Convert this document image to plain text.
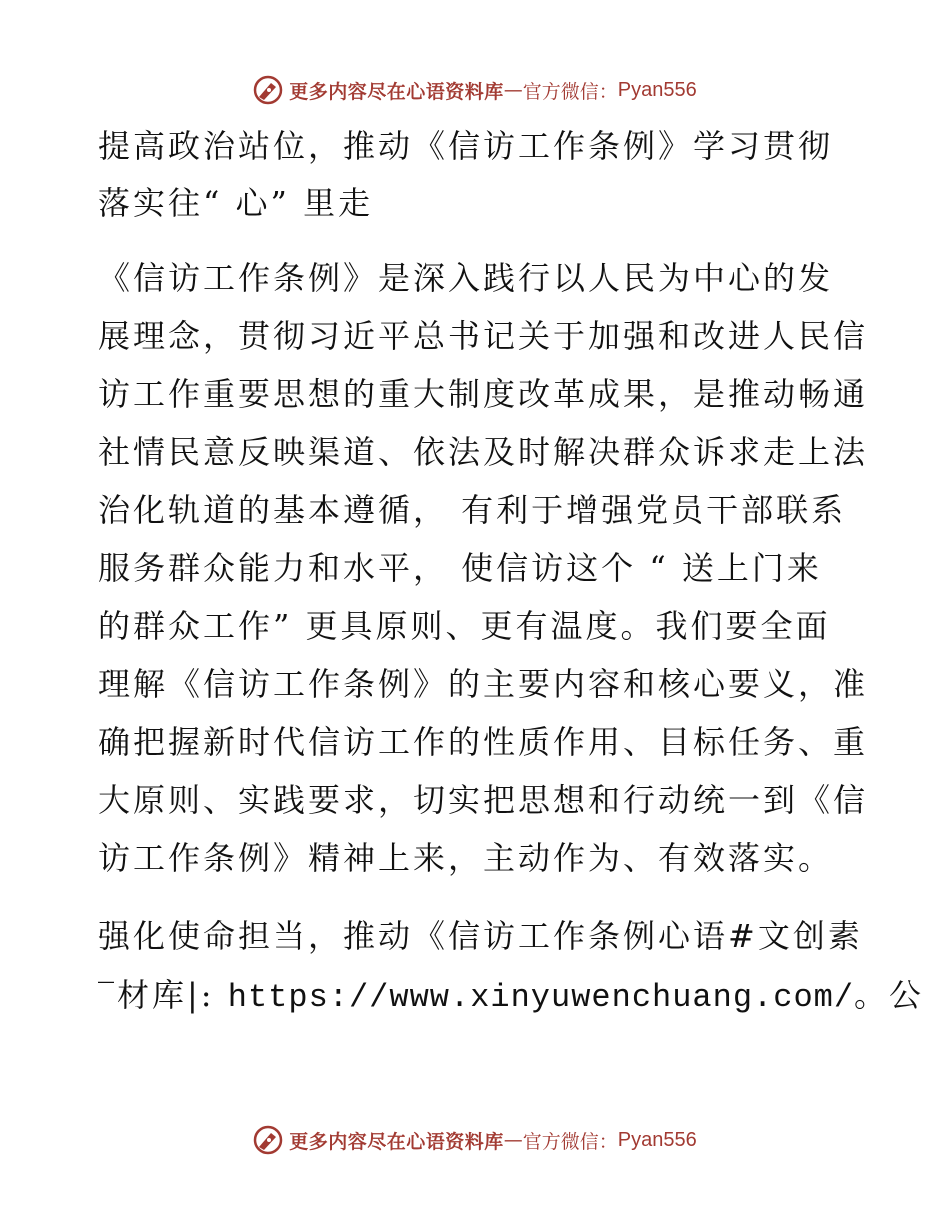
更多内容尽在心语资料库 — 官方微信： Pyan556
提高政治站位，推动《信访工作条例》学习贯彻
落实往“ 心” 里走
《信访工作条例》是深入践行以人民为中心的发
展理念，贯彻习近平总书记关于加强和改进人民信
访工作重要思想的重大制度改革成果，是推动畅通
社情民意反映渠道、依法及时解决群众诉求走上法
治化轨道的基本遵循， 有利于增强党员干部联系
服务群众能力和水平， 使信访这个 “ 送上门来
的群众工作” 更具原则、更有温度。我们要全面
理解《信访工作条例》的主要内容和核心要义，准
确把握新时代信访工作的性质作用、目标任务、重
大原则、实践要求，切实把思想和行动统一到《信
访工作条例》精神上来，主动作为、有效落实。
强化使命担当，推动《信访工作条例心语#文创素
‾材库|: https://www.xinyuwenchuang.com/。公
更多内容尽在心语资料库 — 官方微信： Pyan556
